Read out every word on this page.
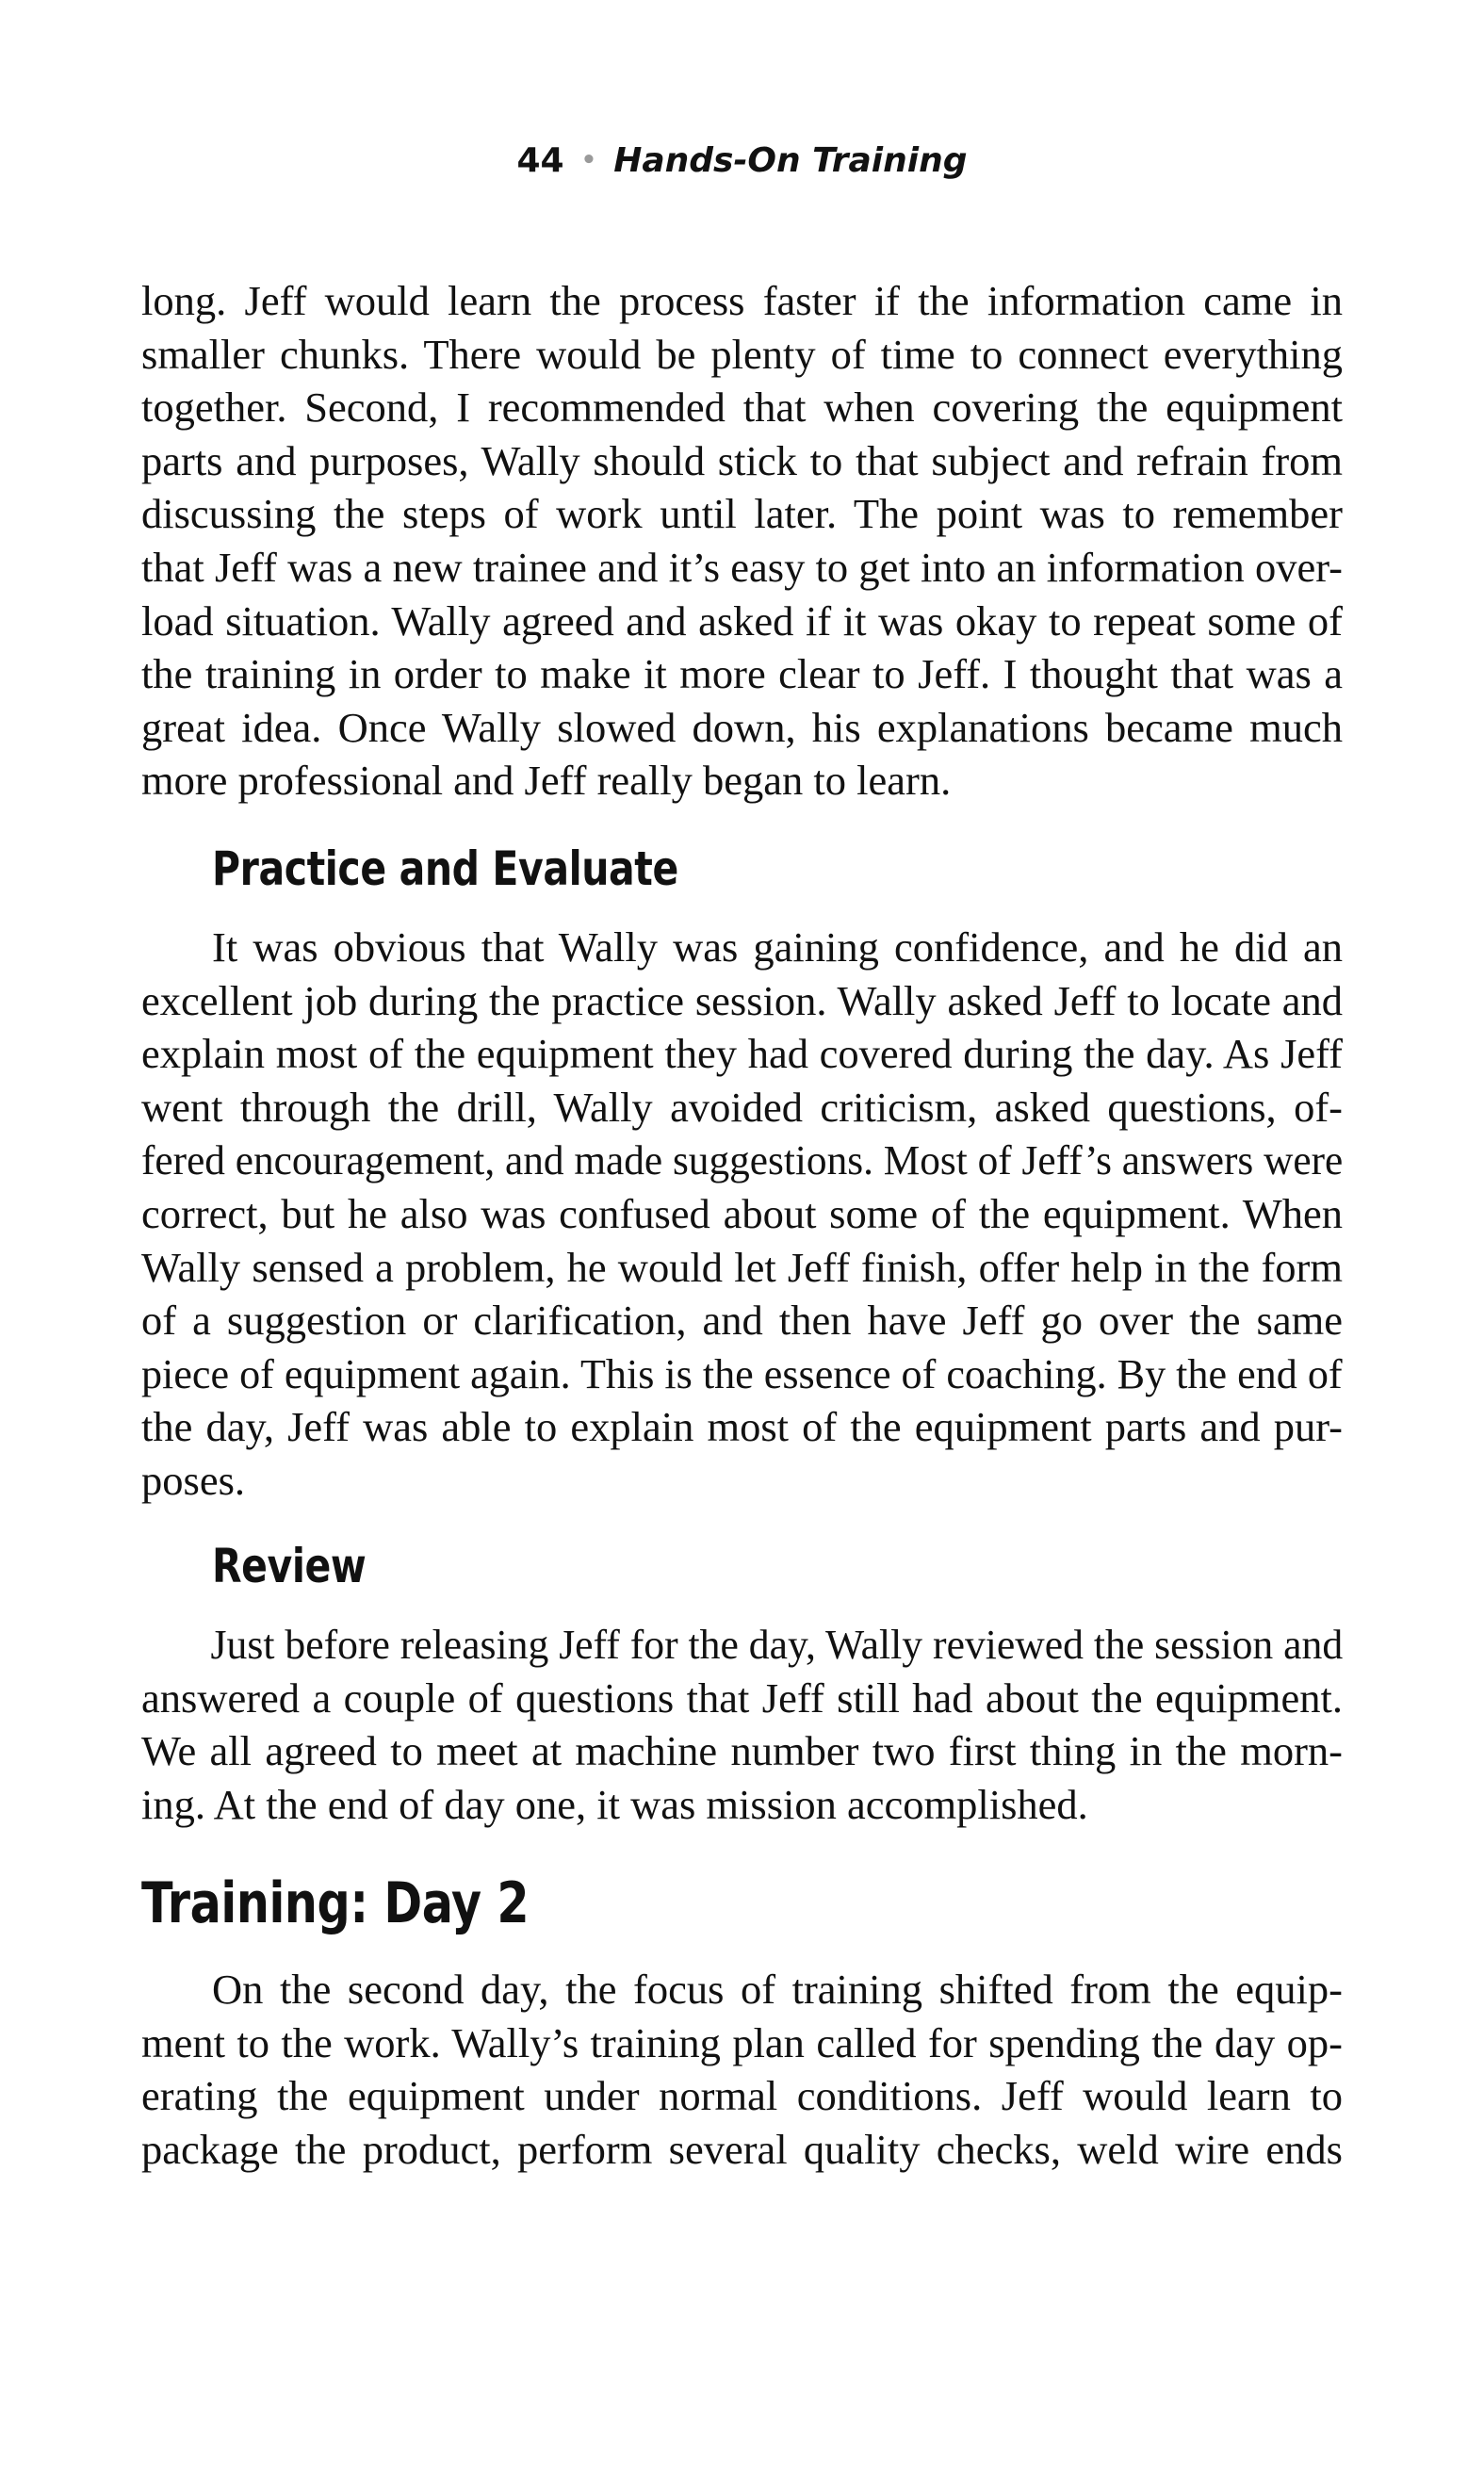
44 • Hands-On Training

long. Jeff would learn the process faster if the information came in
smaller chunks. There would be plenty of time to connect everything
together. Second, I recommended that when covering the equipment
parts and purposes, Wally should stick to that subject and refrain from
discussing the steps of work until later. The point was to remember
that Jeff was a new trainee and it’s easy to get into an information over-
load situation. Wally agreed and asked if it was okay to repeat some of
the training in order to make it more clear to Jeff. I thought that was a
great idea. Once Wally slowed down, his explanations became much
more professional and Jeff really began to learn.

Practice and Evaluate

It was obvious that Wally was gaining confidence, and he did an
excellent job during the practice session. Wally asked Jeff to locate and
explain most of the equipment they had covered during the day. As Jeff
went through the drill, Wally avoided criticism, asked questions, of-
fered encouragement, and made suggestions. Most of Jeff’s answers were
correct, but he also was confused about some of the equipment. When
Wally sensed a problem, he would let Jeff finish, offer help in the form
of a suggestion or clarification, and then have Jeff go over the same
piece of equipment again. This is the essence of coaching. By the end of
the day, Jeff was able to explain most of the equipment parts and pur-
poses.

Review

Just before releasing Jeff for the day, Wally reviewed the session and
answered a couple of questions that Jeff still had about the equipment.
We all agreed to meet at machine number two first thing in the morn-
ing. At the end of day one, it was mission accomplished.

Training: Day 2

On the second day, the focus of training shifted from the equip-
ment to the work. Wally’s training plan called for spending the day op-
erating the equipment under normal conditions. Jeff would learn to
package the product, perform several quality checks, weld wire ends
